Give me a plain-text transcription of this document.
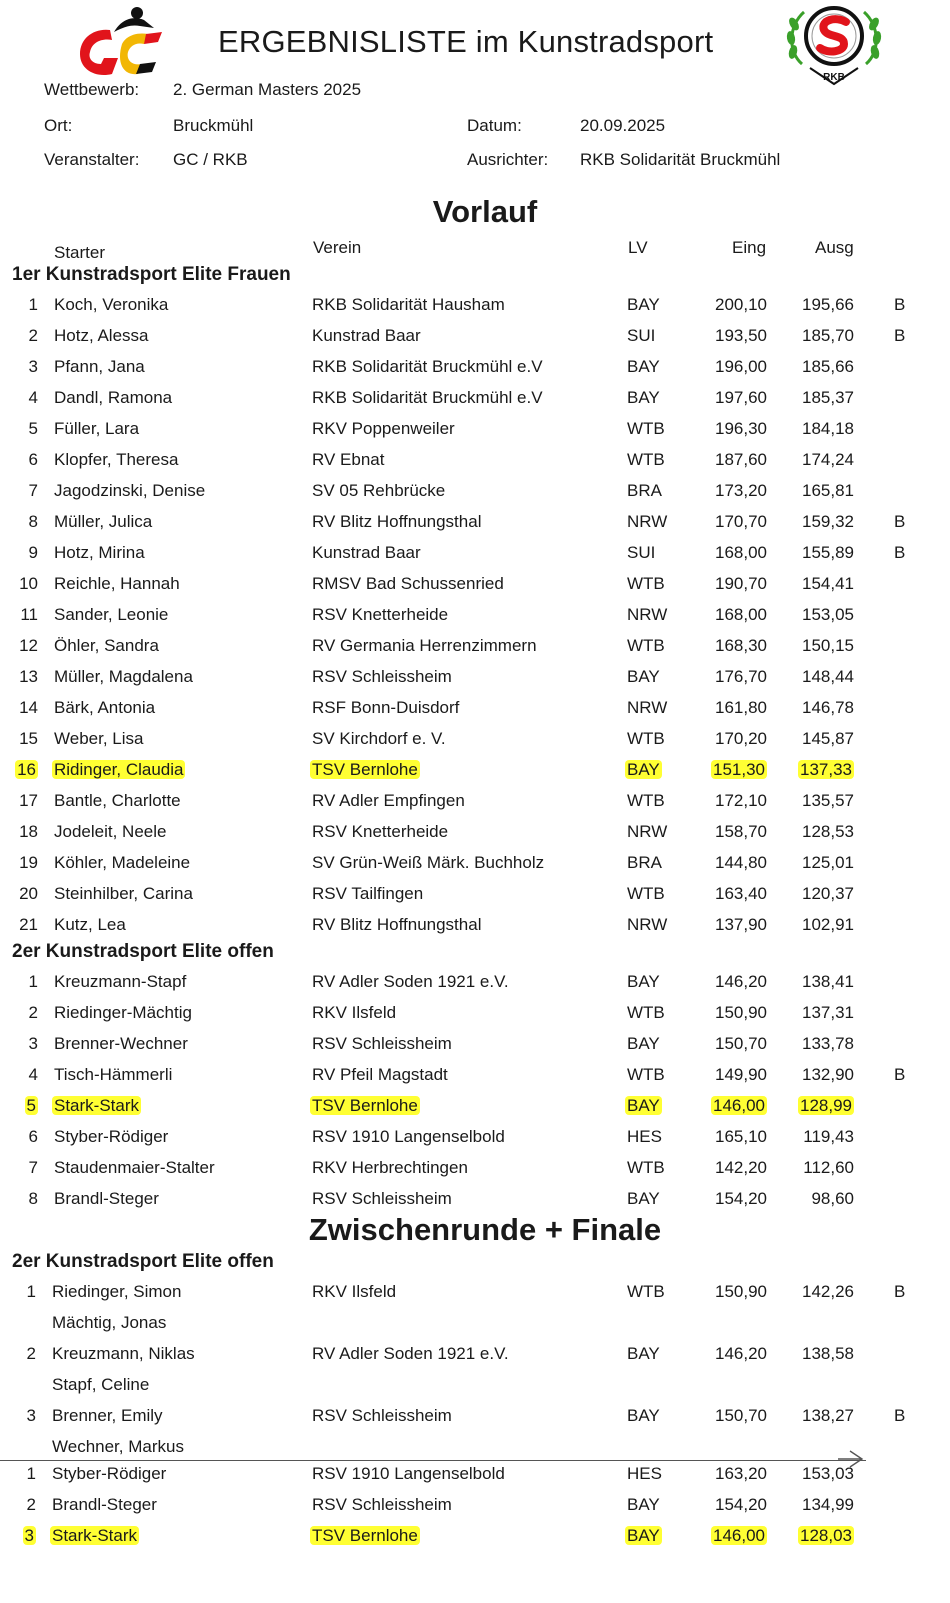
ERGEBNISLISTE im Kunstradsport
RKB
Wettbewerb: 2. German Masters 2025
Ort:	Bruckmühl	Datum:	20.09.2025
Veranstalter: GC / RKB	Ausrichter: RKB Solidarität Bruckmühl
Vorlauf
Starter	Verein	LV	Eing	Ausg
1er Kunstradsport Elite Frauen
1 Koch, Veronika	RKB Solidarität Hausham	BAY	200,10	195,66 B
2 Hotz, Alessa	Kunstrad Baar	SUI	193,50	185,70 B
3 Pfann, Jana	RKB Solidarität Bruckmühl e.V	BAY	196,00	185,66
4 Dandl, Ramona	RKB Solidarität Bruckmühl e.V	BAY	197,60	185,37
5 Füller, Lara	RKV Poppenweiler	WTB	196,30	184,18
6 Klopfer, Theresa	RV Ebnat	WTB	187,60	174,24
7 Jagodzinski, Denise	SV 05 Rehbrücke	BRA	173,20	165,81
8 Müller, Julica	RV Blitz Hoffnungsthal	NRW	170,70	159,32 B
9 Hotz, Mirina	Kunstrad Baar	SUI	168,00	155,89 B
10 Reichle, Hannah	RMSV Bad Schussenried	WTB	190,70	154,41
11 Sander, Leonie	RSV Knetterheide	NRW	168,00	153,05
12 Öhler, Sandra	RV Germania Herrenzimmern	WTB	168,30	150,15
13 Müller, Magdalena	RSV Schleissheim	BAY	176,70	148,44
14 Bärk, Antonia	RSF Bonn-Duisdorf	NRW	161,80	146,78
15 Weber, Lisa	SV Kirchdorf e. V.	WTB	170,20	145,87
16 Ridinger, Claudia	TSV Bernlohe	BAY	151,30	137,33
17 Bantle, Charlotte	RV Adler Empfingen	WTB	172,10	135,57
18 Jodeleit, Neele	RSV Knetterheide	NRW	158,70	128,53
19 Köhler, Madeleine	SV Grün-Weiß Märk. Buchholz	BRA	144,80	125,01
20 Steinhilber, Carina	RSV Tailfingen	WTB	163,40	120,37
21 Kutz, Lea	RV Blitz Hoffnungsthal	NRW	137,90	102,91
2er Kunstradsport Elite offen
1 Kreuzmann-Stapf	RV Adler Soden 1921 e.V.	BAY	146,20	138,41
2 Riedinger-Mächtig	RKV Ilsfeld	WTB	150,90	137,31
3 Brenner-Wechner	RSV Schleissheim	BAY	150,70	133,78
4 Tisch-Hämmerli	RV Pfeil Magstadt	WTB	149,90	132,90 B
5 Stark-Stark	TSV Bernlohe	BAY	146,00	128,99
6 Styber-Rödiger	RSV 1910 Langenselbold	HES	165,10	119,43
7 Staudenmaier-Stalter	RKV Herbrechtingen	WTB	142,20	112,60
8 Brandl-Steger	RSV Schleissheim	BAY	154,20	98,60
Zwischenrunde + Finale
2er Kunstradsport Elite offen
1 Riedinger, Simon	RKV Ilsfeld	WTB	150,90	142,26 B
Mächtig, Jonas
2 Kreuzmann, Niklas	RV Adler Soden 1921 e.V.	BAY	146,20	138,58
Stapf, Celine
3 Brenner, Emily	RSV Schleissheim	BAY	150,70	138,27 B
Wechner, Markus
1 Styber-Rödiger	RSV 1910 Langenselbold	HES	163,20	153,03
2 Brandl-Steger	RSV Schleissheim	BAY	154,20	134,99
3 Stark-Stark	TSV Bernlohe	BAY	146,00	128,03
